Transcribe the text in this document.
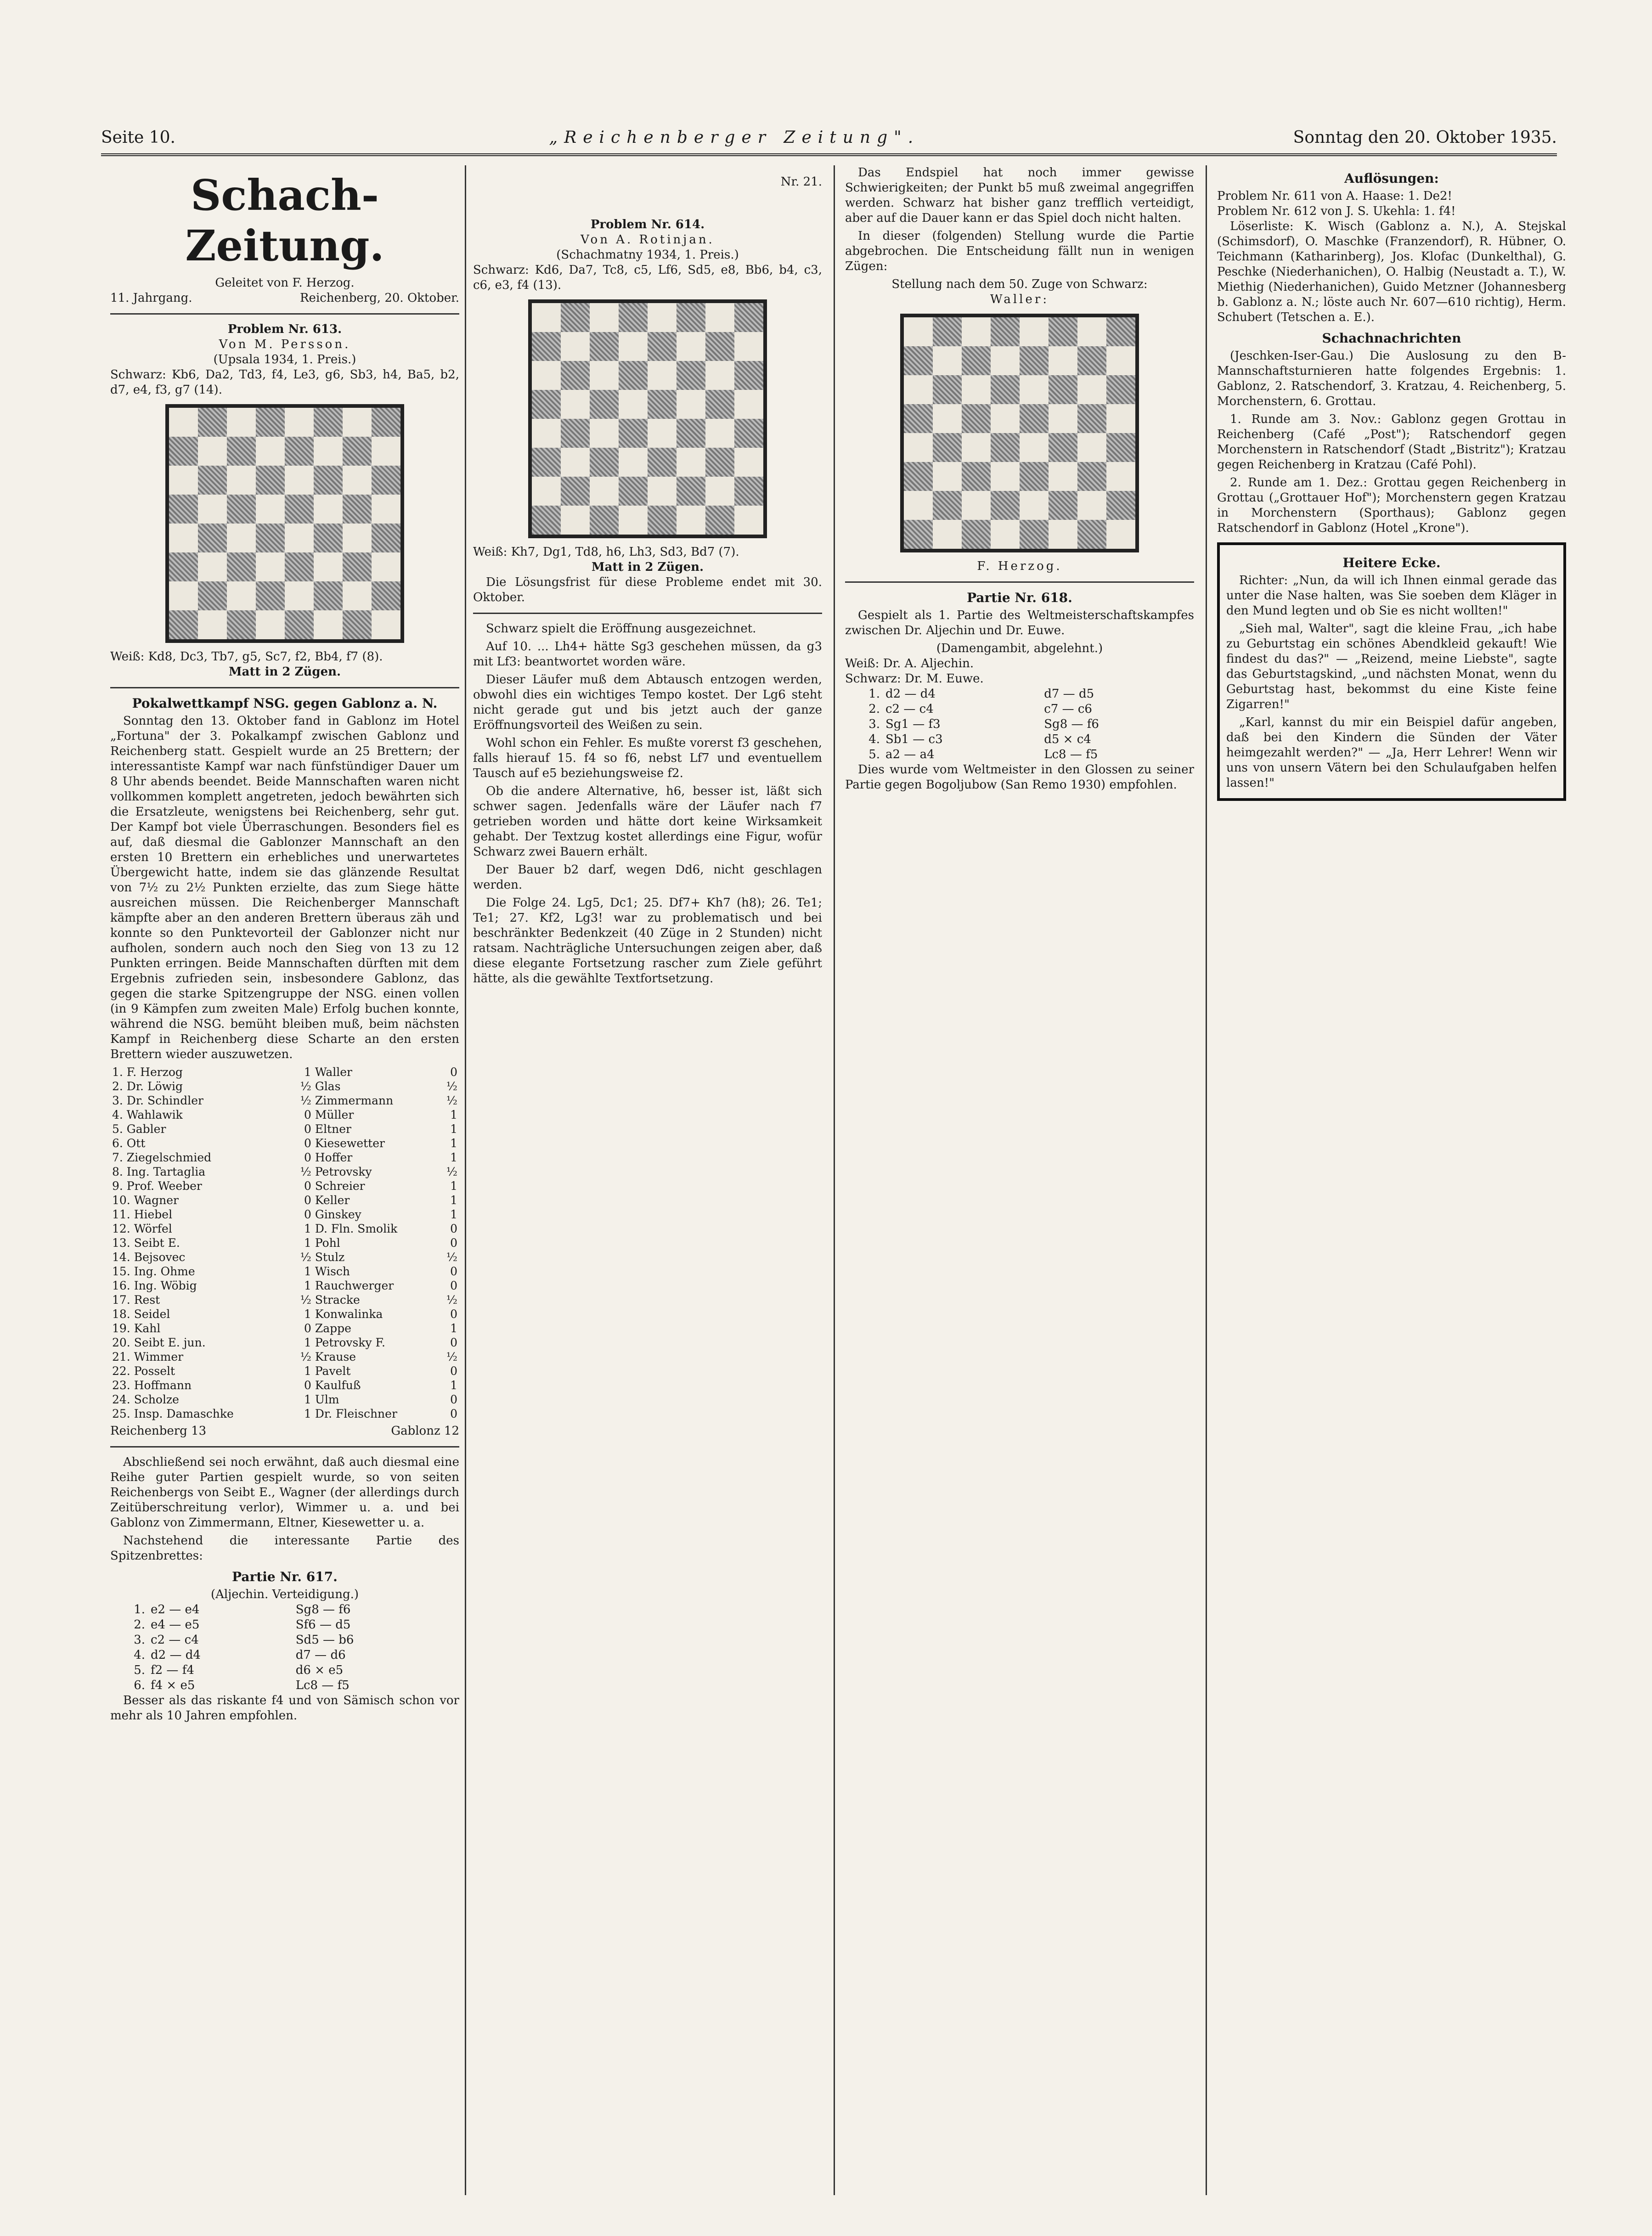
Seite 10.	„Reichenberger Zeitung".	Sonntag den 20. Oktober 1935.
Schach-Zeitung.
Geleitet von F. Herzog.
11. Jahrgang.	Reichenberg, 20. Oktober.
Problem Nr. 613.
Von M. Persson.
(Upsala 1934, 1. Preis.)
Schwarz: Kb6, Da2, Td3, f4, Le3, g6, Sb3, h4, Ba5, b2, d7, e4, f3, g7 (14).
Weiß: Kd8, Dc3, Tb7, g5, Sc7, f2, Bb4, f7 (8).
Matt in 2 Zügen.
Pokalwettkampf NSG. gegen Gablonz a. N.

Sonntag den 13. Oktober fand in Gablonz im Hotel „Fortuna" der 3. Pokalkampf zwischen Gablonz und Reichenberg statt. Gespielt wurde an 25 Brettern; der interessantiste Kampf war nach fünfstündiger Dauer um 8 Uhr abends beendet. Beide Mannschaften waren nicht vollkommen komplett angetreten, jedoch bewährten sich die Ersatzleute, wenigstens bei Reichenberg, sehr gut. Der Kampf bot viele Überraschungen. Besonders fiel es auf, daß diesmal die Gablonzer Mannschaft an den ersten 10 Brettern ein erhebliches und unerwartetes Übergewicht hatte, indem sie das glänzende Resultat von 7½ zu 2½ Punkten erzielte, das zum Siege hätte ausreichen müssen. Die Reichenberger Mannschaft kämpfte aber an den anderen Brettern überaus zäh und konnte so den Punktevorteil der Gablonzer nicht nur aufholen, sondern auch noch den Sieg von 13 zu 12 Punkten erringen. Beide Mannschaften dürften mit dem Ergebnis zufrieden sein, insbesondere Gablonz, das gegen die starke Spitzengruppe der NSG. einen vollen (in 9 Kämpfen zum zweiten Male) Erfolg buchen konnte, während die NSG. bemüht bleiben muß, beim nächsten Kampf in Reichenberg diese Scharte an den ersten Brettern wieder auszuwetzen.

1. F. Herzog	1	Waller	0
2. Dr. Löwig	½	Glas	½
3. Dr. Schindler	½	Zimmermann	½
4. Wahlawik	0	Müller	1
5. Gabler	0	Eltner	1
6. Ott	0	Kiesewetter	1
7. Ziegelschmied	0	Hoffer	1
8. Ing. Tartaglia	½	Petrovsky	½
9. Prof. Weeber	0	Schreier	1
10. Wagner	0	Keller	1
11. Hiebel	0	Ginskey	1
12. Wörfel	1	D. Fln. Smolik	0
13. Seibt E.	1	Pohl	0
14. Bejsovec	½	Stulz	½
15. Ing. Ohme	1	Wisch	0
16. Ing. Wöbig	1	Rauchwerger	0
17. Rest	½	Stracke	½
18. Seidel	1	Konwalinka	0
19. Kahl	0	Zappe	1
20. Seibt E. jun.	1	Petrovsky F.	0
21. Wimmer	½	Krause	½
22. Posselt	1	Pavelt	0
23. Hoffmann	0	Kaulfuß	1
24. Scholze	1	Ulm	0
25. Insp. Damaschke	1	Dr. Fleischner	0
Reichenberg 13	Gablonz 12

Abschließend sei noch erwähnt, daß auch diesmal eine Reihe guter Partien gespielt wurde, so von seiten Reichenbergs von Seibt E., Wagner (der allerdings durch Zeitüberschreitung verlor), Wimmer u. a. und bei Gablonz von Zimmermann, Eltner, Kiesewetter u. a.

Nachstehend die interessante Partie des Spitzenbrettes:

Partie Nr. 617.
(Aljechin. Verteidigung.)
1.	e2 — e4	Sg8 — f6
2.	e4 — e5	Sf6 — d5
3.	c2 — c4	Sd5 — b6
4.	d2 — d4	d7 — d6
5.	f2 — f4	d6 × e5
6.	f4 × e5	Lc8 — f5

Besser als das riskante f4 und von Sämisch schon vor mehr als 10 Jahren empfohlen.

Nr. 21.
Problem Nr. 614.
Von A. Rotinjan.
(Schachmatny 1934, 1. Preis.)
Schwarz: Kd6, Da7, Tc8, c5, Lf6, Sd5, e8, Bb6, b4, c3, c6, e3, f4 (13).
Weiß: Kh7, Dg1, Td8, h6, Lh3, Sd3, Bd7 (7).
Matt in 2 Zügen.

Die Lösungsfrist für diese Probleme endet mit 30. Oktober.

Schwarz spielt die Eröffnung ausgezeichnet.

Auf 10. ... Lh4+ hätte Sg3 geschehen müssen, da g3 mit Lf3: beantwortet worden wäre.

Dieser Läufer muß dem Abtausch entzogen werden, obwohl dies ein wichtiges Tempo kostet. Der Lg6 steht nicht gerade gut und bis jetzt auch der ganze Eröffnungsvorteil des Weißen zu sein.

Wohl schon ein Fehler. Es mußte vorerst f3 geschehen, falls hierauf 15. f4 so f6, nebst Lf7 und eventuellem Tausch auf e5 beziehungsweise f2.

Ob die andere Alternative, h6, besser ist, läßt sich schwer sagen. Jedenfalls wäre der Läufer nach f7 getrieben worden und hätte dort keine Wirksamkeit gehabt. Der Textzug kostet allerdings eine Figur, wofür Schwarz zwei Bauern erhält.

Der Bauer b2 darf, wegen Dd6, nicht geschlagen werden.

Die Folge 24. Lg5, Dc1; 25. Df7+ Kh7 (h8); 26. Te1; Te1; 27. Kf2, Lg3! war zu problematisch und bei beschränkter Bedenkzeit (40 Züge in 2 Stunden) nicht ratsam. Nachträgliche Untersuchungen zeigen aber, daß diese elegante Fortsetzung rascher zum Ziele geführt hätte, als die gewählte Textfortsetzung.

Das Endspiel hat noch immer gewisse Schwierigkeiten; der Punkt b5 muß zweimal angegriffen werden. Schwarz hat bisher ganz trefflich verteidigt, aber auf die Dauer kann er das Spiel doch nicht halten.

In dieser (folgenden) Stellung wurde die Partie abgebrochen. Die Entscheidung fällt nun in wenigen Zügen:

Stellung nach dem 50. Zuge von Schwarz:
Waller:
F. Herzog.
Partie Nr. 618.

Gespielt als 1. Partie des Weltmeisterschaftskampfes zwischen Dr. Aljechin und Dr. Euwe.

(Damengambit, abgelehnt.)
Weiß: Dr. A. Aljechin.
Schwarz: Dr. M. Euwe.
1.	d2 — d4	d7 — d5
2.	c2 — c4	c7 — c6
3.	Sg1 — f3	Sg8 — f6
4.	Sb1 — c3	d5 × c4
5.	a2 — a4	Lc8 — f5

Dies wurde vom Weltmeister in den Glossen zu seiner Partie gegen Bogoljubow (San Remo 1930) empfohlen.

Auflösungen:
Problem Nr. 611 von A. Haase: 1. De2!
Problem Nr. 612 von J. S. Ukehla: 1. f4!

Löserliste: K. Wisch (Gablonz a. N.), A. Stejskal (Schimsdorf), O. Maschke (Franzendorf), R. Hübner, O. Teichmann (Katharinberg), Jos. Klofac (Dunkelthal), G. Peschke (Niederhanichen), O. Halbig (Neustadt a. T.), W. Miethig (Niederhanichen), Guido Metzner (Johannesberg b. Gablonz a. N.; löste auch Nr. 607—610 richtig), Herm. Schubert (Tetschen a. E.).

Schachnachrichten

(Jeschken-Iser-Gau.) Die Auslosung zu den B-Mannschaftsturnieren hatte folgendes Ergebnis: 1. Gablonz, 2. Ratschendorf, 3. Kratzau, 4. Reichenberg, 5. Morchenstern, 6. Grottau.

1. Runde am 3. Nov.: Gablonz gegen Grottau in Reichenberg (Café „Post"); Ratschendorf gegen Morchenstern in Ratschendorf (Stadt „Bistritz"); Kratzau gegen Reichenberg in Kratzau (Café Pohl).

2. Runde am 1. Dez.: Grottau gegen Reichenberg in Grottau („Grottauer Hof"); Morchenstern gegen Kratzau in Morchenstern (Sporthaus); Gablonz gegen Ratschendorf in Gablonz (Hotel „Krone").

Heitere Ecke.

Richter: „Nun, da will ich Ihnen einmal gerade das unter die Nase halten, was Sie soeben dem Kläger in den Mund legten und ob Sie es nicht wollten!"

„Sieh mal, Walter", sagt die kleine Frau, „ich habe zu Geburtstag ein schönes Abendkleid gekauft! Wie findest du das?" — „Reizend, meine Liebste", sagte das Geburtstagskind, „und nächsten Monat, wenn du Geburtstag hast, bekommst du eine Kiste feine Zigarren!"

„Karl, kannst du mir ein Beispiel dafür angeben, daß bei den Kindern die Sünden der Väter heimgezahlt werden?" — „Ja, Herr Lehrer! Wenn wir uns von unsern Vätern bei den Schulaufgaben helfen lassen!"
